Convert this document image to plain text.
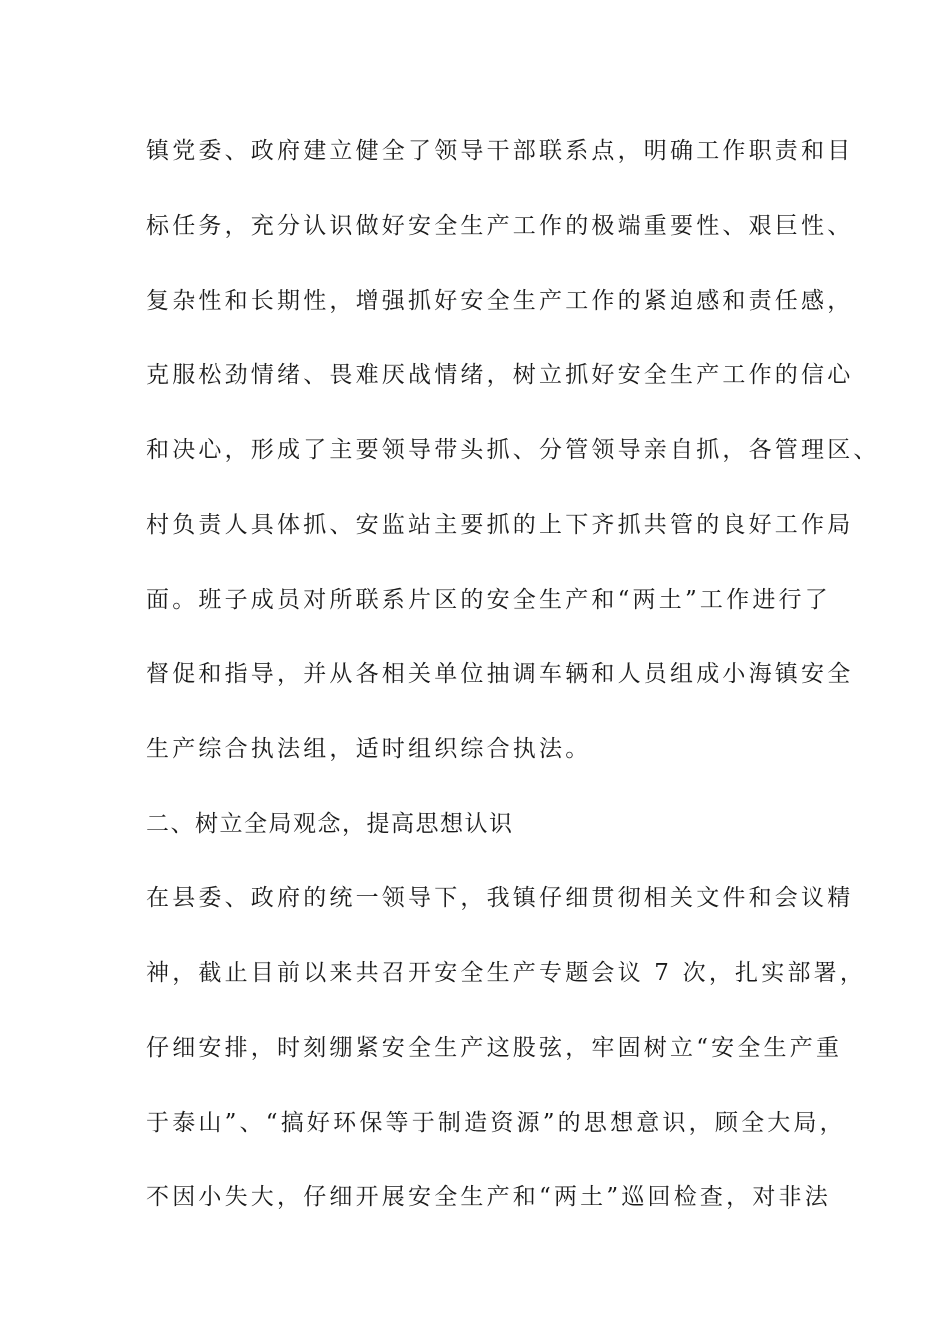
镇党委、政府建立健全了领导干部联系点，明确工作职责和目
标任务，充分认识做好安全生产工作的极端重要性、艰巨性、
复杂性和长期性，增强抓好安全生产工作的紧迫感和责任感，
克服松劲情绪、畏难厌战情绪，树立抓好安全生产工作的信心
和决心，形成了主要领导带头抓、分管领导亲自抓，各管理区、
村负责人具体抓、安监站主要抓的上下齐抓共管的良好工作局
面。班子成员对所联系片区的安全生产和“两土”工作进行了
督促和指导，并从各相关单位抽调车辆和人员组成小海镇安全
生产综合执法组，适时组织综合执法。
二、树立全局观念，提高思想认识
在县委、政府的统一领导下，我镇仔细贯彻相关文件和会议精
神，截止目前以来共召开安全生产专题会议 7 次，扎实部署，
仔细安排，时刻绷紧安全生产这股弦，牢固树立“安全生产重
于泰山”、“搞好环保等于制造资源”的思想意识，顾全大局，
不因小失大，仔细开展安全生产和“两土”巡回检查，对非法
